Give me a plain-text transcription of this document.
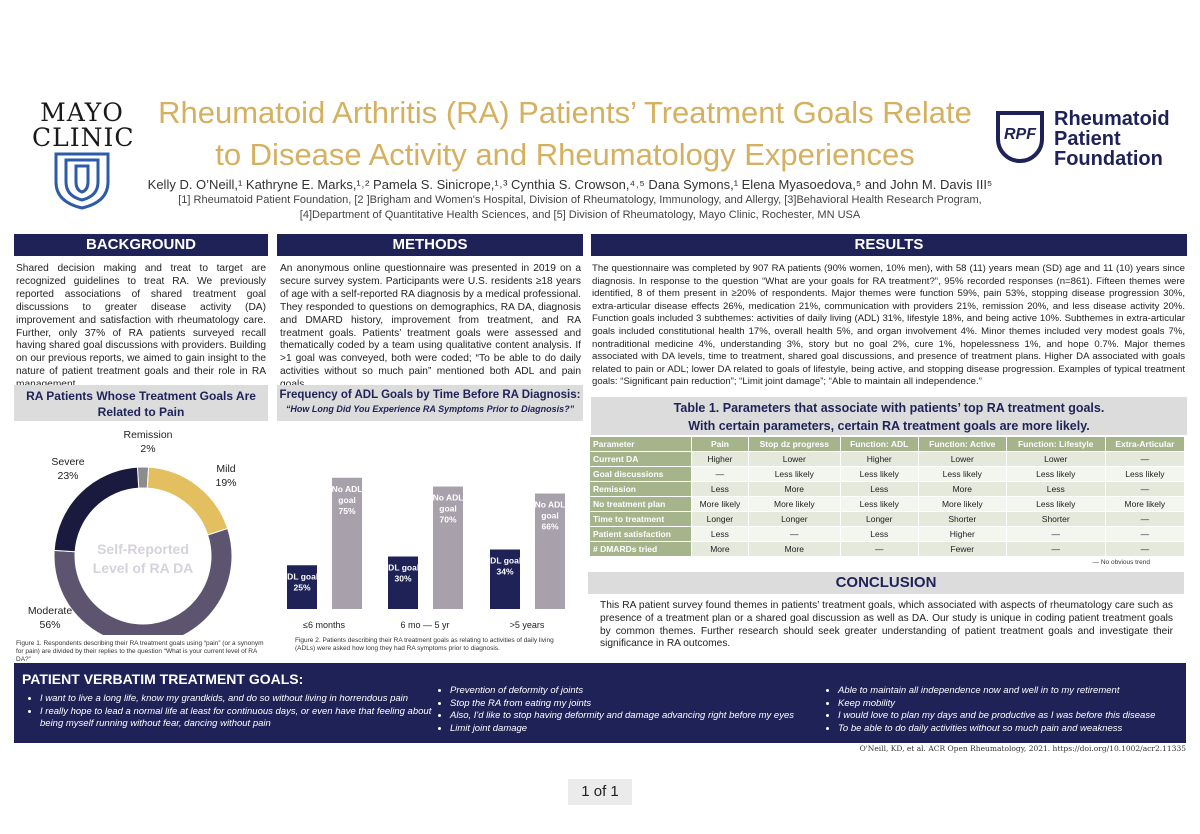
MAYO
CLINIC
Rheumatoid Arthritis (RA) Patients’ Treatment Goals Relate
to Disease Activity and Rheumatology Experiences
Kelly D. O’Neill,¹ Kathryne E. Marks,¹˒² Pamela S. Sinicrope,¹˒³ Cynthia S. Crowson,⁴˒⁵ Dana Symons,¹ Elena Myasoedova,⁵ and John M. Davis III⁵
[1] Rheumatoid Patient Foundation, [2 ]Brigham and Women's Hospital, Division of Rheumatology, Immunology, and Allergy, [3]Behavioral Health Research Program,
[4]Department of Quantitative Health Sciences, and [5] Division of Rheumatology, Mayo Clinic, Rochester, MN USA
RPF
Rheumatoid
Patient
Foundation
BACKGROUND
Shared decision making and treat to target are recognized guidelines to treat RA. We previously reported associations of shared treatment goal discussions to greater disease activity (DA) improvement and satisfaction with rheumatology care. Further, only 37% of RA patients surveyed recall having shared goal discussions with providers. Building on our previous reports, we aimed to gain insight to the nature of patient treatment goals and their role in RA
METHODS
An anonymous online questionnaire was presented in 2019 on a secure survey system. Participants were U.S. residents ≥18 years of age with a self-reported RA diagnosis by a medical professional. They responded to questions on demographics, RA DA, diagnosis and DMARD history, improvement from treatment, and RA treatment goals. Patients’ treatment goals were assessed and thematically coded by a team using qualitative content analysis. If >1 goal was conveyed, both were coded; “To be able to do daily activities without so much pain” mentioned both ADL and pain
RESULTS
The questionnaire was completed by 907 RA patients (90% women, 10% men), with 58 (11) years mean (SD) age and 11 (10) years since diagnosis. In response to the question “What are your goals for RA treatment?”, 95% recorded responses (n=861). Fifteen themes were identified, 8 of them present in ≥20% of respondents. Major themes were function 59%, pain 53%, stopping disease progression 30%, extra-articular disease effects 26%, medication 21%, communication with providers 21%, remission 20%, and less disease activity 20%. Function goals included 3 subthemes: activities of daily living (ADL) 31%, lifestyle 18%, and being active 10%. Subthemes in extra-articular goals included constitutional health 17%, overall health 5%, and organ involvement 4%. Minor themes included very modest goals 7%, nontraditional medicine 4%, understanding 3%, story but no goal 2%, cure 1%, hopelessness 1%, and hope 0.7%. Major themes associated with DA levels, time to treatment, shared goal discussions, and presence of treatment plans. Higher DA associated with goals related to pain or ADL; lower DA related to goals of lifestyle, being active, and stopping disease progression. Examples of typical treatment goals: “Significant pain reduction”; “Limit joint damage”; “Able to maintain all independence.”
RA Patients Whose Treatment Goals Are Related to Pain
Remission
2%
Mild
19%
Moderate
56%
Severe
23%
Self-Reported
Level of RA DA
Figure 1. Respondents describing their RA treatment goals using “pain” (or a synonym for pain) are divided by their replies to the question “What is your current level of RA DA?”
Frequency of ADL Goals by Time Before RA Diagnosis:
“How Long Did You Experience RA Symptoms Prior to Diagnosis?”
ADL goals
25%
No ADL
goal
75%
≤6 months
ADL goals
30%
No ADL
goal
70%
6 mo — 5 yr
ADL goals
34%
No ADL
goal
66%
>5 years
Figure 2. Patients describing their RA treatment goals as relating to activities of daily living (ADLs) were asked how long they had RA symptoms prior to diagnosis.
Table 1. Parameters that associate with patients’ top RA treatment goals.
With certain parameters, certain RA treatment goals are more likely.
Parameter	Pain	Stop dz progress	Function: ADL	Function: Active	Function: Lifestyle	Extra-Articular
Current DA	Higher	Lower	Higher	Lower	Lower	—
Goal discussions	—	Less likely	Less likely	Less likely	Less likely	Less likely
Remission	Less	More	Less	More	Less	—
No treatment plan	More likely	More likely	Less likely	More likely	Less likely	More likely
Time to treatment	Longer	Longer	Longer	Shorter	Shorter	—
Patient satisfaction	Less	—	Less	Higher	—	—
# DMARDs tried	More	More	—	Fewer	—	—
— No obvious trend
CONCLUSION
This RA patient survey found themes in patients’ treatment goals, which associated with aspects of rheumatology care such as presence of a treatment plan or a shared goal discussion as well as DA. Our study is unique in coding patient treatment goals by common themes. Further research should seek greater understanding of patient treatment goals and investigate their significance in RA outcomes.
PATIENT VERBATIM TREATMENT GOALS:
• I want to live a long life, know my grandkids, and do so without living in horrendous pain
• I really hope to lead a normal life at least for continuous days, or even have that feeling about being myself running without fear, dancing without pain
• Prevention of deformity of joints
• Stop the RA from eating my joints
• Also, I'd like to stop having deformity and damage advancing right before my eyes
• Limit joint damage
• Able to maintain all independence now and well in to my retirement
• Keep mobility
• I would love to plan my days and be productive as I was before this disease
• To be able to do daily activities without so much pain and weakness
O'Neill, KD, et al. ACR Open Rheumatology, 2021. https://doi.org/10.1002/acr2.11335
1 of 1
